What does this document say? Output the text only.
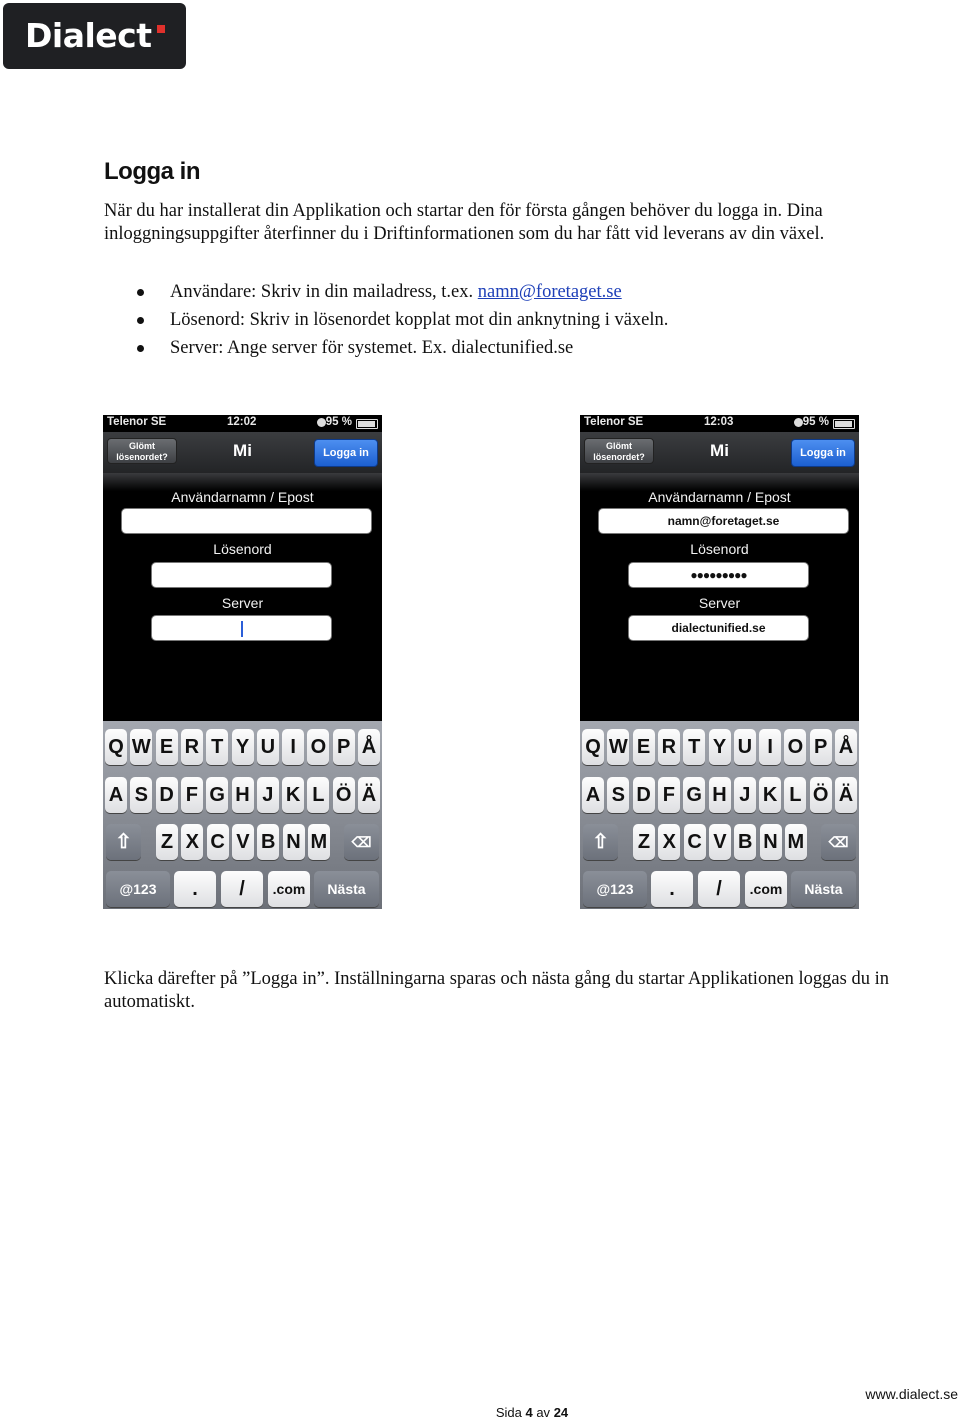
Dialect
Logga in

När du har installerat din Applikation och startar den för första gången behöver du logga in. Dina inloggningsuppgifter återfinner du i Driftinformationen som du har fått vid leverans av din växel.

Användare: Skriv in din mailadress, t.ex. namn@foretaget.se
Lösenord: Skriv in lösenordet kopplat mot din anknytning i växeln.
Server: Ange server för systemet. Ex. dialectunified.se
Telenor SE	12:02	95 %
Glömt
lösenordet?	Mi	Logga in
Användarnamn / Epost
Lösenord
Server
Q W E R T Y U I O P Å
A S D F G H J K L Ö Ä
⇧	⌫
Z X C V B N M
@123	.	/	.com	Nästa
Telenor SE	12:03	95 %
Glömt
lösenordet?	Mi	Logga in
Användarnamn / Epost
namn@foretaget.se
Lösenord
●●●●●●●●●
Server
dialectunified.se
Q W E R T Y U I O P Å
A S D F G H J K L Ö Ä
⇧	⌫
Z X C V B N M
@123	.	/	.com	Nästa

Klicka därefter på ”Logga in”. Inställningarna sparas och nästa gång du startar Applikationen loggas du in automatiskt.

Sida 4 av 24
www.dialect.se
